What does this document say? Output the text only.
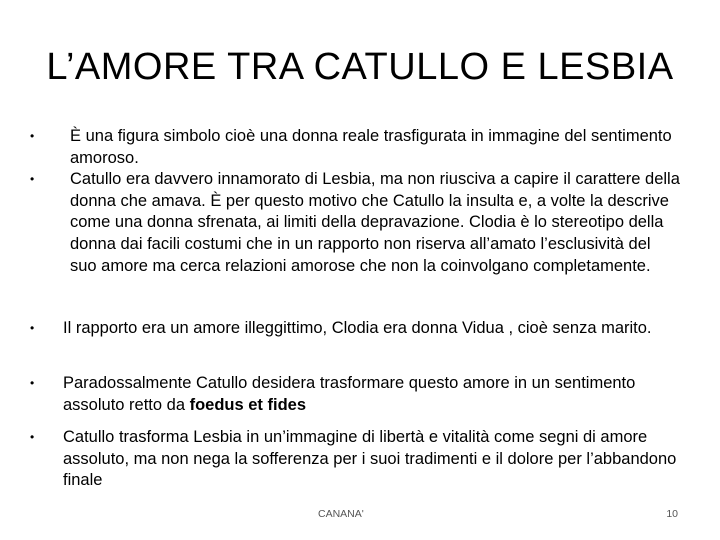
L’AMORE TRA CATULLO E LESBIA
•	È una figura simbolo cioè una donna reale trasfigurata in immagine del sentimento amoroso.
•	Catullo era davvero innamorato di Lesbia, ma non riusciva a capire il carattere della donna che amava. È per questo motivo che Catullo la insulta e, a volte la descrive come una donna sfrenata, ai limiti della depravazione. Clodia è lo stereotipo della donna dai facili costumi che in un rapporto non riserva all’amato l’esclusività del suo amore ma cerca relazioni amorose che non la coinvolgano completamente.
•	Il rapporto era un amore illeggittimo, Clodia era donna Vidua , cioè senza marito.
•	Paradossalmente Catullo desidera trasformare questo amore in un sentimento assoluto retto da foedus et fides
•	Catullo trasforma Lesbia in un’immagine di libertà e vitalità come segni di amore assoluto, ma non nega la sofferenza per i suoi tradimenti e il dolore per l’abbandono finale
CANANA'	10
